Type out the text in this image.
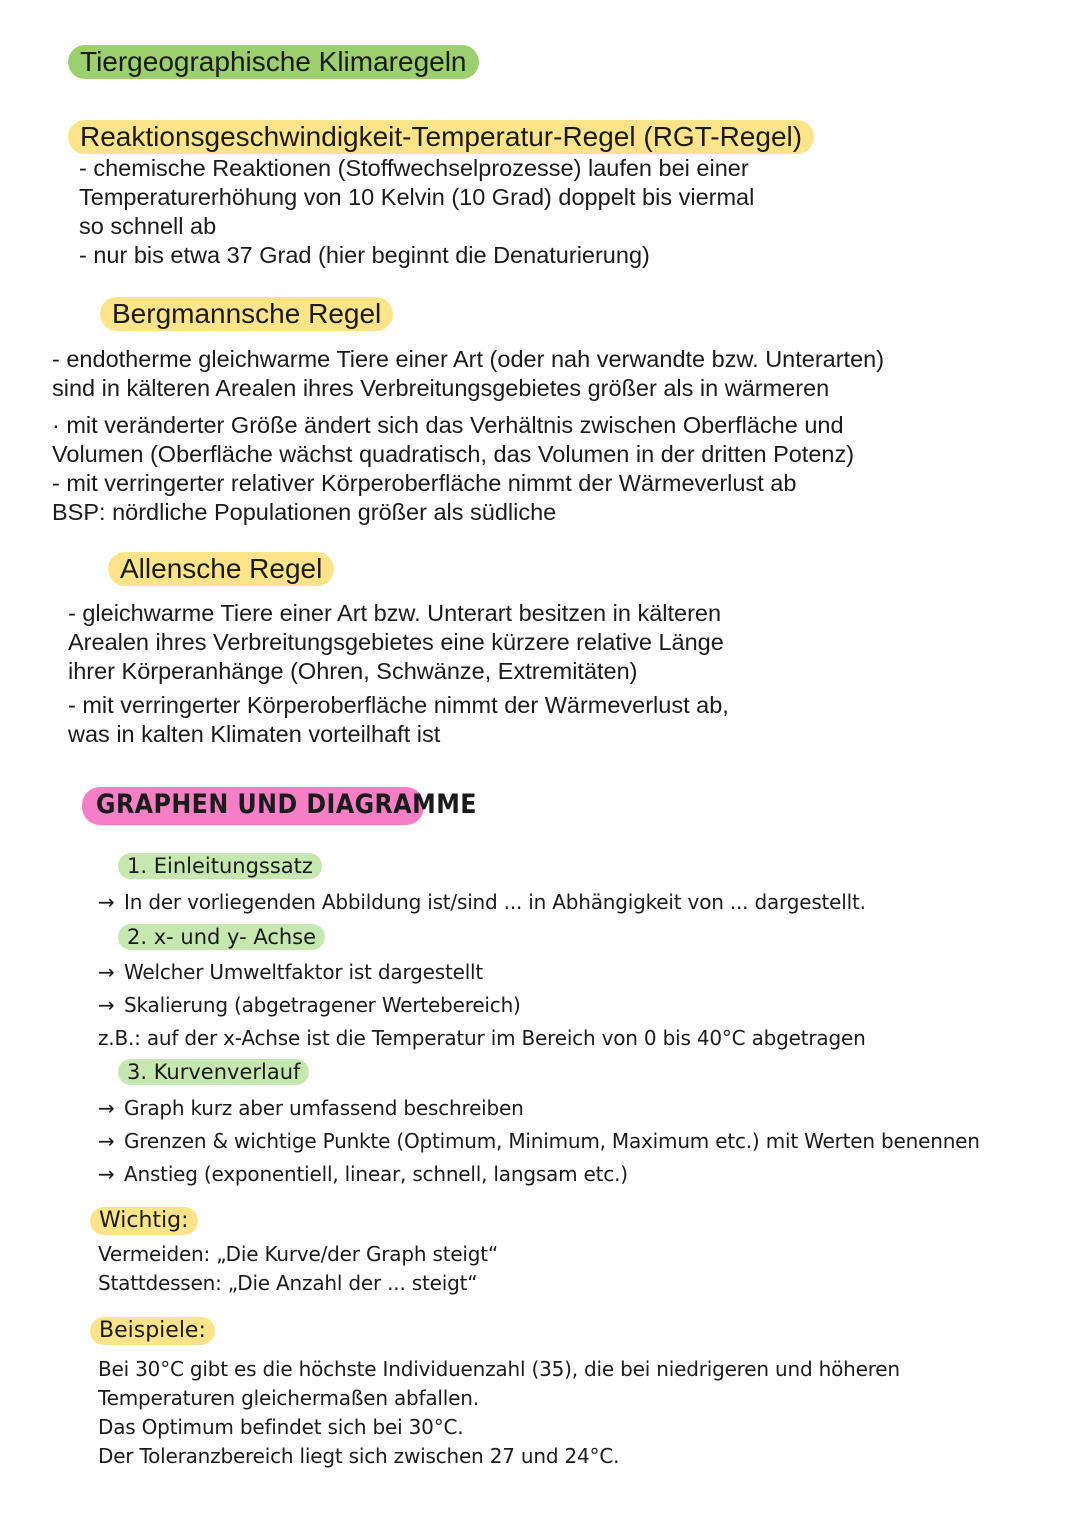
Tiergeographische Klimaregeln
Reaktionsgeschwindigkeit-Temperatur-Regel (RGT-Regel)
- chemische Reaktionen (Stoffwechselprozesse) laufen bei einer
Temperaturerhöhung von 10 Kelvin (10 Grad) doppelt bis viermal
so schnell ab
- nur bis etwa 37 Grad (hier beginnt die Denaturierung)
Bergmannsche Regel
- endotherme gleichwarme Tiere einer Art (oder nah verwandte bzw. Unterarten)
sind in kälteren Arealen ihres Verbreitungsgebietes größer als in wärmeren
· mit veränderter Größe ändert sich das Verhältnis zwischen Oberfläche und
Volumen (Oberfläche wächst quadratisch, das Volumen in der dritten Potenz)
- mit verringerter relativer Körperoberfläche nimmt der Wärmeverlust ab
BSP: nördliche Populationen größer als südliche
Allensche Regel
- gleichwarme Tiere einer Art bzw. Unterart besitzen in kälteren
Arealen ihres Verbreitungsgebietes eine kürzere relative Länge
ihrer Körperanhänge (Ohren, Schwänze, Extremitäten)
- mit verringerter Körperoberfläche nimmt der Wärmeverlust ab,
was in kalten Klimaten vorteilhaft ist
GRAPHEN UND DIAGRAMME
1. Einleitungssatz
→ In der vorliegenden Abbildung ist/sind ... in Abhängigkeit von ... dargestellt.
2. x- und y- Achse
→ Welcher Umweltfaktor ist dargestellt
→ Skalierung (abgetragener Wertebereich)
z.B.: auf der x-Achse ist die Temperatur im Bereich von 0 bis 40°C abgetragen
3. Kurvenverlauf
→ Graph kurz aber umfassend beschreiben
→ Grenzen & wichtige Punkte (Optimum, Minimum, Maximum etc.) mit Werten benennen
→ Anstieg (exponentiell, linear, schnell, langsam etc.)
Wichtig:
Vermeiden: „Die Kurve/der Graph steigt“
Stattdessen: „Die Anzahl der ... steigt“
Beispiele:
Bei 30°C gibt es die höchste Individuenzahl (35), die bei niedrigeren und höheren
Temperaturen gleichermaßen abfallen.
Das Optimum befindet sich bei 30°C.
Der Toleranzbereich liegt sich zwischen 27 und 24°C.
